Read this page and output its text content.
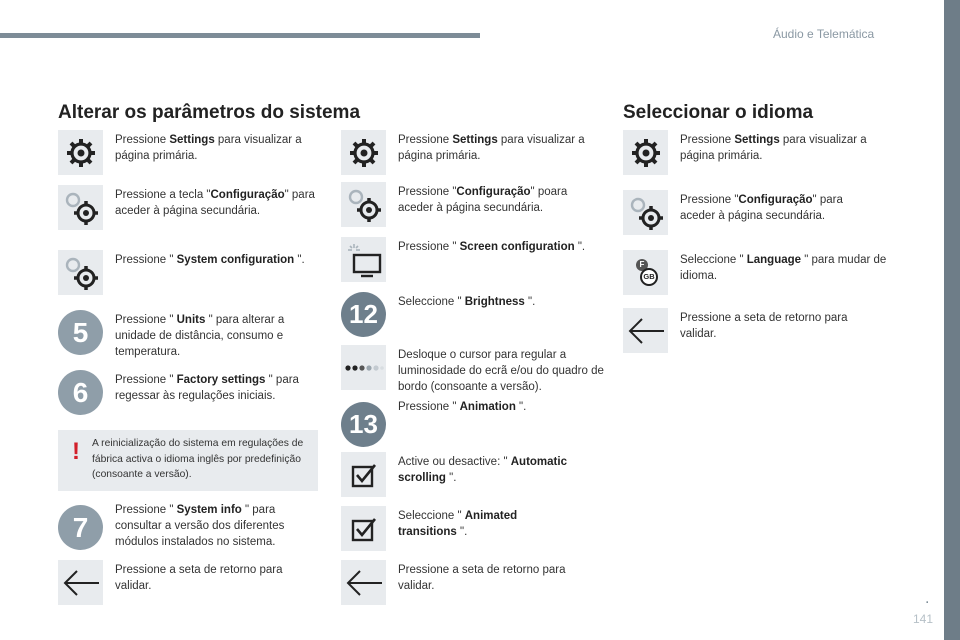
Áudio e Telemática
.
141
Alterar os parâmetros do sistema
Pressione Settings para visualizar a página primária.
Pressione a tecla "Configuração" para aceder à página secundária.
Pressione " System configuration ".
5	Pressione " Units " para alterar a unidade de distância, consumo e temperatura.
6	Pressione " Factory settings " para regessar às regulações iniciais.
! A reinicialização do sistema em regulações de fábrica activa o idioma inglês por predefinição (consoante a versão).
7
Pressione " System info " para consultar a versão dos diferentes módulos instalados no sistema.
Pressione a seta de retorno para validar.
Pressione Settings para visualizar a página primária.
Pressione "Configuração" poara aceder à página secundária.
Pressione " Screen configuration ".
12	Seleccione " Brightness ".
Desloque o cursor para regular a luminosidade do ecrã e/ou do quadro de bordo (consoante a versão).
13
Pressione " Animation ".
Active ou desactive: " Automatic scrolling ".
Seleccione " Animated transitions ".
Pressione a seta de retorno para validar.
Seleccionar o idioma
Pressione Settings para visualizar a página primária.
Pressione "Configuração" para aceder à página secundária.
F
GB
Seleccione " Language " para mudar de idioma.
Pressione a seta de retorno para validar.
